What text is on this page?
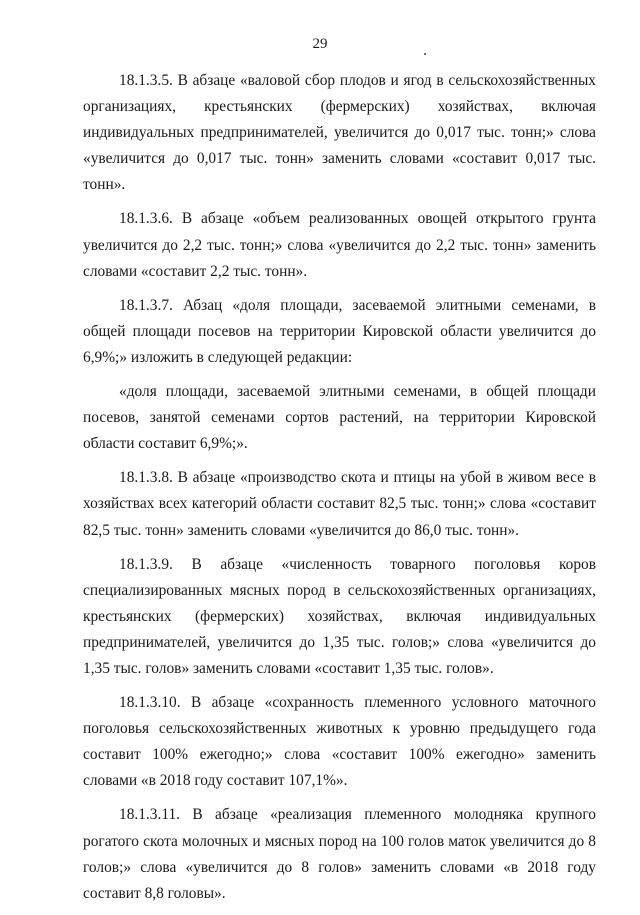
29

18.1.3.5. В абзаце «валовой сбор плодов и ягод в сельскохозяйственных организациях, крестьянских (фермерских) хозяйствах, включая индивидуальных предпринимателей, увеличится до 0,017 тыс. тонн;» слова «увеличится до 0,017 тыс. тонн» заменить словами «составит 0,017 тыс. тонн».

18.1.3.6. В абзаце «объем реализованных овощей открытого грунта увеличится до 2,2 тыс. тонн;» слова «увеличится до 2,2 тыс. тонн» заменить словами «составит 2,2 тыс. тонн».

18.1.3.7. Абзац «доля площади, засеваемой элитными семенами, в общей площади посевов на территории Кировской области увеличится до 6,9%;» изложить в следующей редакции:

«доля площади, засеваемой элитными семенами, в общей площади посевов, занятой семенами сортов растений, на территории Кировской области составит 6,9%;».

18.1.3.8. В абзаце «производство скота и птицы на убой в живом весе в хозяйствах всех категорий области составит 82,5 тыс. тонн;» слова «составит 82,5 тыс. тонн» заменить словами «увеличится до 86,0 тыс. тонн».

18.1.3.9. В абзаце «численность товарного поголовья коров специализированных мясных пород в сельскохозяйственных организациях, крестьянских (фермерских) хозяйствах, включая индивидуальных предпринимателей, увеличится до 1,35 тыс. голов;» слова «увеличится до 1,35 тыс. голов» заменить словами «составит 1,35 тыс. голов».

18.1.3.10. В абзаце «сохранность племенного условного маточного поголовья сельскохозяйственных животных к уровню предыдущего года составит 100% ежегодно;» слова «составит 100% ежегодно» заменить словами «в 2018 году составит 107,1%».

18.1.3.11. В абзаце «реализация племенного молодняка крупного рогатого скота молочных и мясных пород на 100 голов маток увеличится до 8 голов;» слова «увеличится до 8 голов» заменить словами «в 2018 году составит 8,8 головы».
